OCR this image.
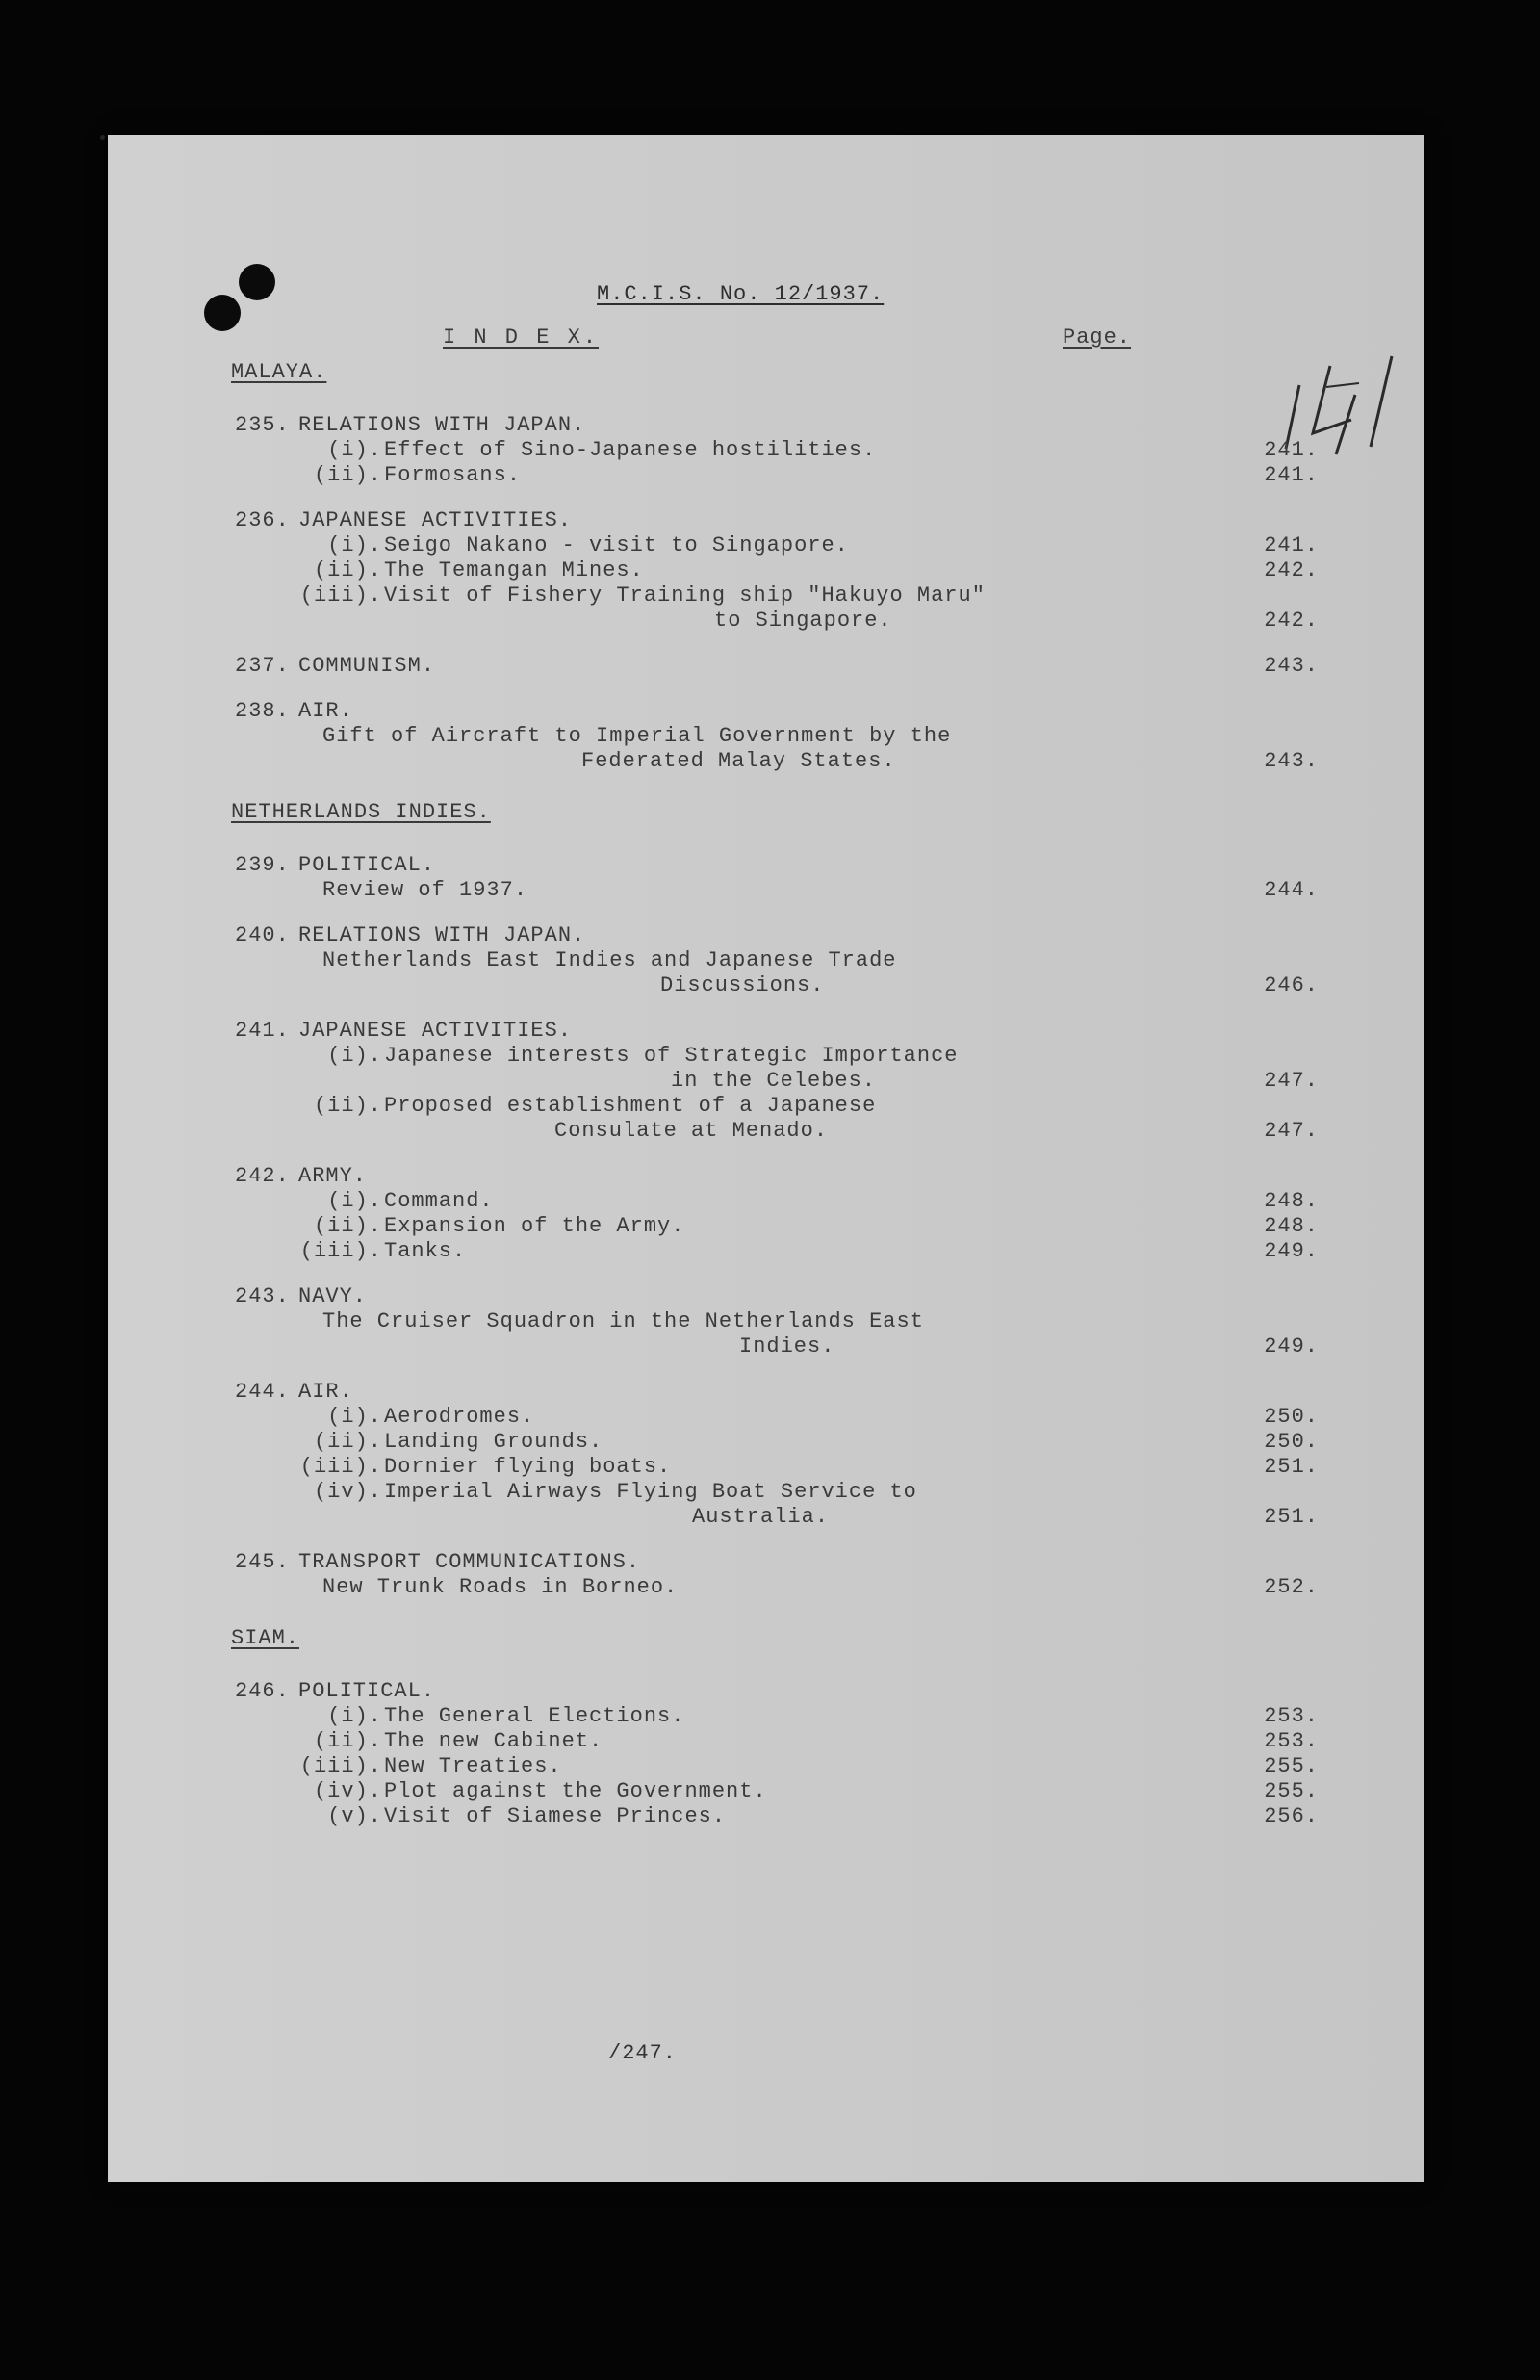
M.C.I.S. No. 12/1937.
I N D E X.	Page.
MALAYA.
235. RELATIONS WITH JAPAN.
(i). Effect of Sino-Japanese hostilities.	241.
(ii). Formosans.	241.
236. JAPANESE ACTIVITIES.
(i). Seigo Nakano - visit to Singapore.	241.
(ii). The Temangan Mines.	242.
(iii). Visit of Fishery Training ship "Hakuyo Maru"
to Singapore.	242.
237. COMMUNISM.	243.
238. AIR.
Gift of Aircraft to Imperial Government by the
Federated Malay States.	243.
NETHERLANDS INDIES.
239. POLITICAL.
Review of 1937.	244.
240. RELATIONS WITH JAPAN.
Netherlands East Indies and Japanese Trade
Discussions.	246.
241. JAPANESE ACTIVITIES.
(i). Japanese interests of Strategic Importance
in the Celebes.	247.
(ii). Proposed establishment of a Japanese
Consulate at Menado.	247.
242. ARMY.
(i). Command.	248.
(ii). Expansion of the Army.	248.
(iii). Tanks.	249.
243. NAVY.
The Cruiser Squadron in the Netherlands East
Indies.	249.
244. AIR.
(i). Aerodromes.	250.
(ii). Landing Grounds.	250.
(iii). Dornier flying boats.	251.
(iv). Imperial Airways Flying Boat Service to
Australia.	251.
245. TRANSPORT COMMUNICATIONS.
New Trunk Roads in Borneo.	252.
SIAM.
246. POLITICAL.
(i). The General Elections.	253.
(ii). The new Cabinet.	253.
(iii). New Treaties.	255.
(iv). Plot against the Government.	255.
(v). Visit of Siamese Princes.	256.
/247.
